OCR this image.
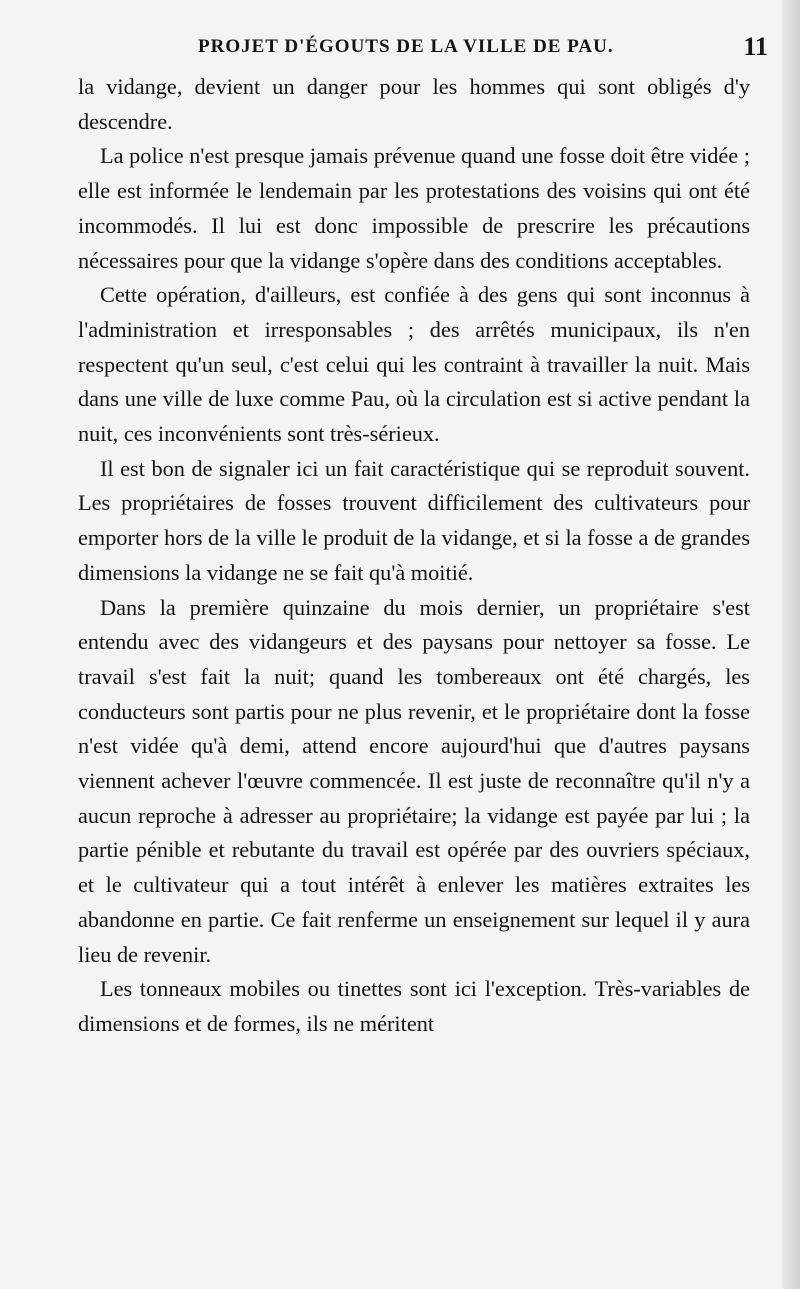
PROJET D'ÉGOUTS DE LA VILLE DE PAU.	11

la vidange, devient un danger pour les hommes qui sont obligés d'y descendre.

La police n'est presque jamais prévenue quand une fosse doit être vidée ; elle est informée le lendemain par les protestations des voisins qui ont été incommodés. Il lui est donc impossible de prescrire les précautions nécessaires pour que la vidange s'opère dans des conditions acceptables.

Cette opération, d'ailleurs, est confiée à des gens qui sont inconnus à l'administration et irresponsables ; des arrêtés municipaux, ils n'en respectent qu'un seul, c'est celui qui les contraint à travailler la nuit. Mais dans une ville de luxe comme Pau, où la circulation est si active pendant la nuit, ces inconvénients sont très-sérieux.

Il est bon de signaler ici un fait caractéristique qui se reproduit souvent. Les propriétaires de fosses trouvent difficilement des cultivateurs pour emporter hors de la ville le produit de la vidange, et si la fosse a de grandes dimensions la vidange ne se fait qu'à moitié.

Dans la première quinzaine du mois dernier, un propriétaire s'est entendu avec des vidangeurs et des paysans pour nettoyer sa fosse. Le travail s'est fait la nuit; quand les tombereaux ont été chargés, les conducteurs sont partis pour ne plus revenir, et le propriétaire dont la fosse n'est vidée qu'à demi, attend encore aujourd'hui que d'autres paysans viennent achever l'œuvre commencée. Il est juste de reconnaître qu'il n'y a aucun reproche à adresser au propriétaire; la vidange est payée par lui ; la partie pénible et rebutante du travail est opérée par des ouvriers spéciaux, et le cultivateur qui a tout intérêt à enlever les matières extraites les abandonne en partie. Ce fait renferme un enseignement sur lequel il y aura lieu de revenir.

Les tonneaux mobiles ou tinettes sont ici l'exception. Très-variables de dimensions et de formes, ils ne méritent
